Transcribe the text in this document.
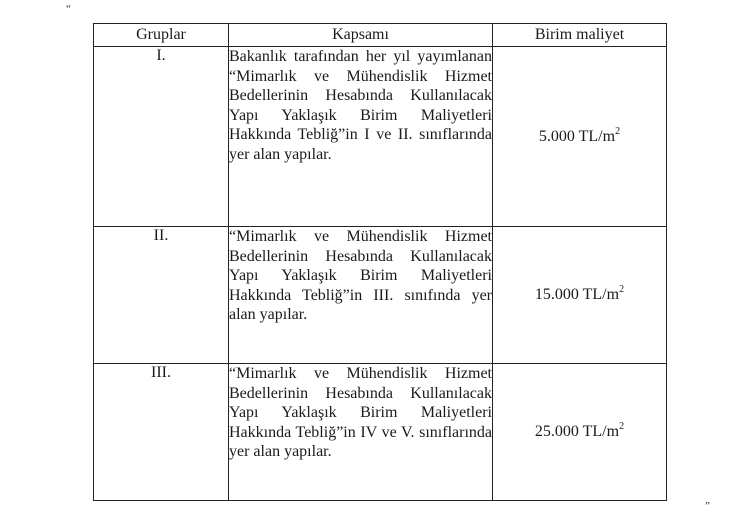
“
Gruplar	Kapsamı	Birim maliyet
I.	Bakanlık tarafından her yıl yayımlanan “Mimarlık ve Mühendislik Hizmet Bedellerinin Hesabında Kullanılacak Yapı Yaklaşık Birim Maliyetleri Hakkında Tebliğ”in I ve II. sınıflarında yer alan yapılar.	5.000 $TL/m^2$
II.	“Mimarlık ve Mühendislik Hizmet Bedellerinin Hesabında Kullanılacak Yapı Yaklaşık Birim Maliyetleri Hakkında Tebliğ”in III. sınıfında yer alan yapılar.	15.000 $TL/m^2$
III.	“Mimarlık ve Mühendislik Hizmet Bedellerinin Hesabında Kullanılacak Yapı Yaklaşık Birim Maliyetleri Hakkında Tebliğ”in IV ve V. sınıflarında yer alan yapılar.	25.000 $TL/m^2$
”
